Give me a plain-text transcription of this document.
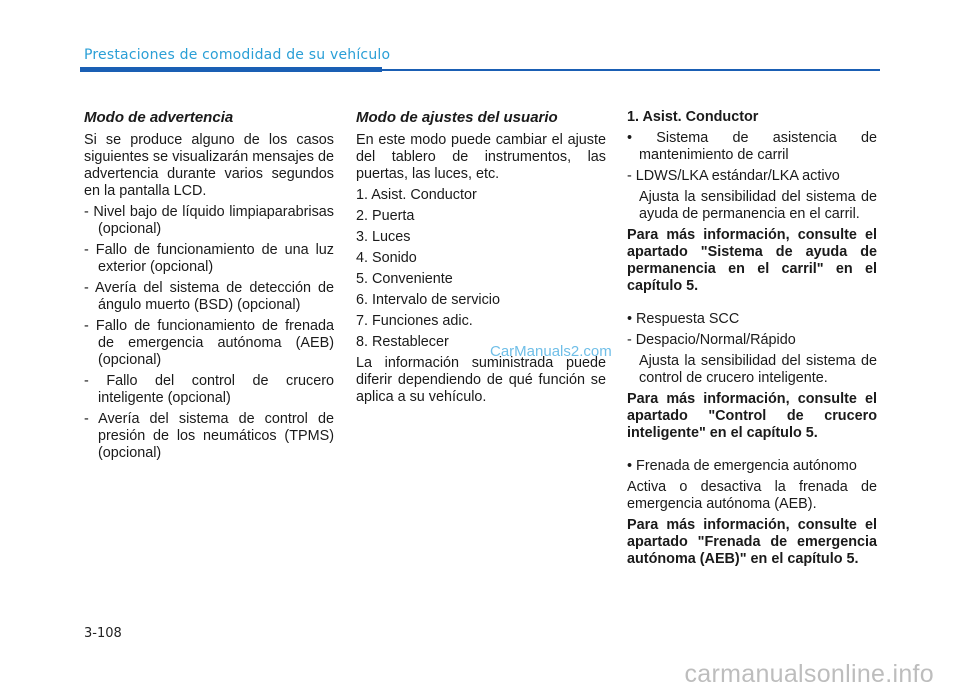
Prestaciones de comodidad de su vehículo

Modo de advertencia

Si se produce alguno de los casos siguientes se visualizarán mensajes de advertencia durante varios segundos en la pantalla LCD.

- Nivel bajo de líquido limpiaparabrisas (opcional)

- Fallo de funcionamiento de una luz exterior (opcional)

- Avería del sistema de detección de ángulo muerto (BSD) (opcional)

- Fallo de funcionamiento de frenada de emergencia autónoma (AEB) (opcional)

- Fallo del control de crucero inteligente (opcional)

- Avería del sistema de control de presión de los neumáticos (TPMS) (opcional)

Modo de ajustes del usuario

En este modo puede cambiar el ajuste del tablero de instrumentos, las puertas, las luces, etc.

1. Asist. Conductor

2. Puerta

3. Luces

4. Sonido

5. Conveniente

6. Intervalo de servicio

7. Funciones adic.

8. Restablecer

La información suministrada puede diferir dependiendo de qué función se aplica a su vehículo.

1. Asist. Conductor

• Sistema de asistencia de mantenimiento de carril

- LDWS/LKA estándar/LKA activo

Ajusta la sensibilidad del sistema de ayuda de permanencia en el carril.

Para más información, consulte el apartado "Sistema de ayuda de permanencia en el carril" en el capítulo 5.

• Respuesta SCC

- Despacio/Normal/Rápido

Ajusta la sensibilidad del sistema de control de crucero inteligente.

Para más información, consulte el apartado "Control de crucero inteligente" en el capítulo 5.

• Frenada de emergencia autónomo

Activa o desactiva la frenada de emergencia autónoma (AEB).

Para más información, consulte el apartado "Frenada de emergencia autónoma (AEB)" en el capítulo 5.

CarManuals2.com
3-108
carmanualsonline.info
